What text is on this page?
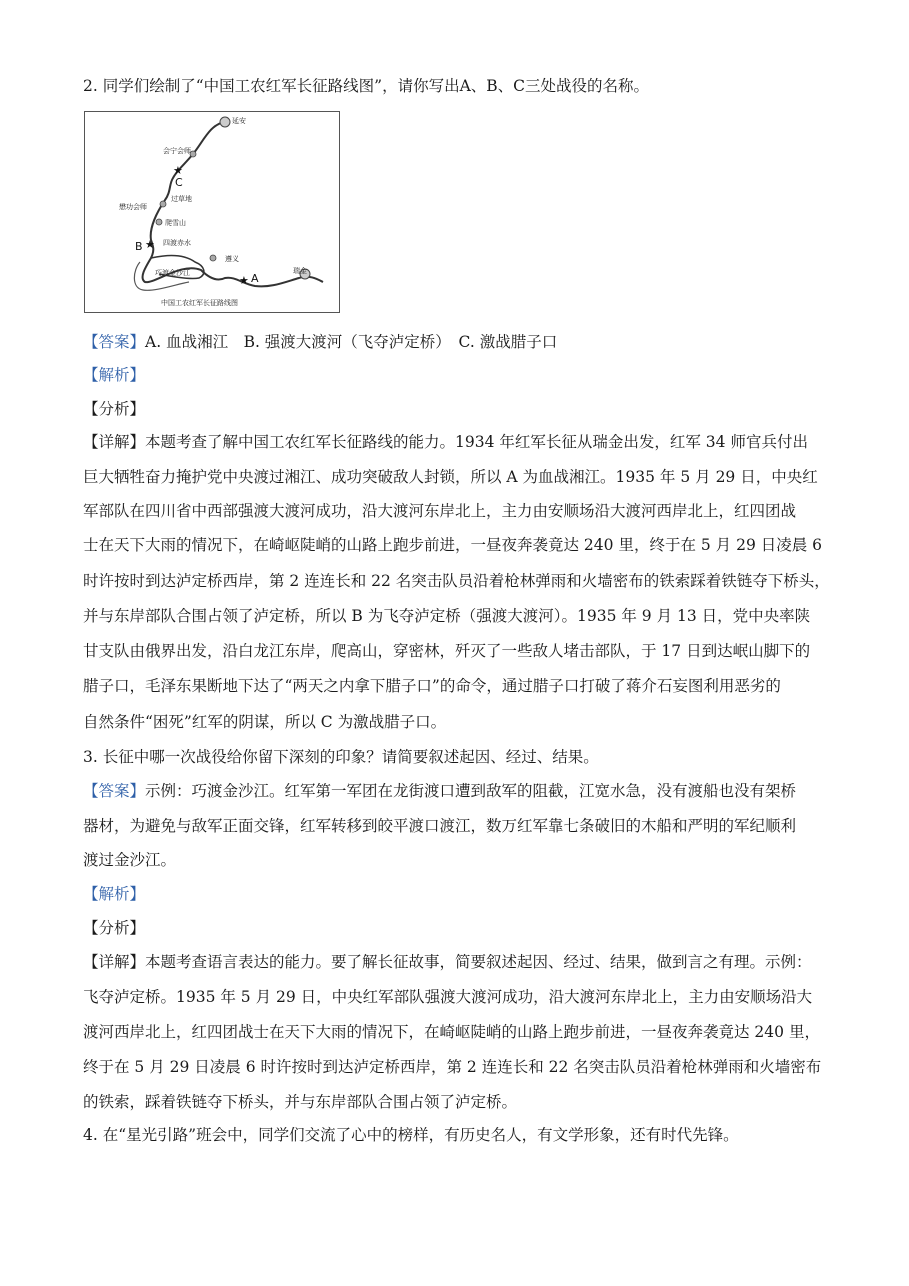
2. 同学们绘制了“中国工农红军长征路线图”，请你写出A、B、C三处战役的名称。
★
★
★
延安
会宁会师
C
过草地
懋功会师
爬雪山
B	四渡赤水
遵义
A
瑞金
巧渡金沙江
中国工农红军长征路线图
【答案】A. 血战湘江　B. 强渡大渡河（飞夺泸定桥）　C. 激战腊子口
【解析】
【分析】
【详解】本题考查了解中国工农红军长征路线的能力。1934 年红军长征从瑞金出发，红军 34 师官兵付出
巨大牺牲奋力掩护党中央渡过湘江、成功突破敌人封锁，所以 A 为血战湘江。1935 年 5 月 29 日，中央红
军部队在四川省中西部强渡大渡河成功，沿大渡河东岸北上，主力由安顺场沿大渡河西岸北上，红四团战
士在天下大雨的情况下，在崎岖陡峭的山路上跑步前进，一昼夜奔袭竟达 240 里，终于在 5 月 29 日凌晨 6
时许按时到达泸定桥西岸，第 2 连连长和 22 名突击队员沿着枪林弹雨和火墙密布的铁索踩着铁链夺下桥头，
并与东岸部队合围占领了泸定桥，所以 B 为飞夺泸定桥（强渡大渡河）。1935 年 9 月 13 日，党中央率陕
甘支队由俄界出发，沿白龙江东岸，爬高山，穿密林，歼灭了一些敌人堵击部队，于 17 日到达岷山脚下的
腊子口，毛泽东果断地下达了“两天之内拿下腊子口”的命令，通过腊子口打破了蒋介石妄图利用恶劣的
自然条件“困死”红军的阴谋，所以 C 为激战腊子口。
3. 长征中哪一次战役给你留下深刻的印象？请简要叙述起因、经过、结果。
【答案】示例：巧渡金沙江。红军第一军团在龙街渡口遭到敌军的阻截，江宽水急，没有渡船也没有架桥
器材，为避免与敌军正面交锋，红军转移到皎平渡口渡江，数万红军靠七条破旧的木船和严明的军纪顺利
渡过金沙江。
【解析】
【分析】
【详解】本题考查语言表达的能力。要了解长征故事，简要叙述起因、经过、结果，做到言之有理。示例：
飞夺泸定桥。1935 年 5 月 29 日，中央红军部队强渡大渡河成功，沿大渡河东岸北上，主力由安顺场沿大
渡河西岸北上，红四团战士在天下大雨的情况下，在崎岖陡峭的山路上跑步前进，一昼夜奔袭竟达 240 里，
终于在 5 月 29 日凌晨 6 时许按时到达泸定桥西岸，第 2 连连长和 22 名突击队员沿着枪林弹雨和火墙密布
的铁索，踩着铁链夺下桥头，并与东岸部队合围占领了泸定桥。
4. 在“星光引路”班会中，同学们交流了心中的榜样，有历史名人，有文学形象，还有时代先锋。
